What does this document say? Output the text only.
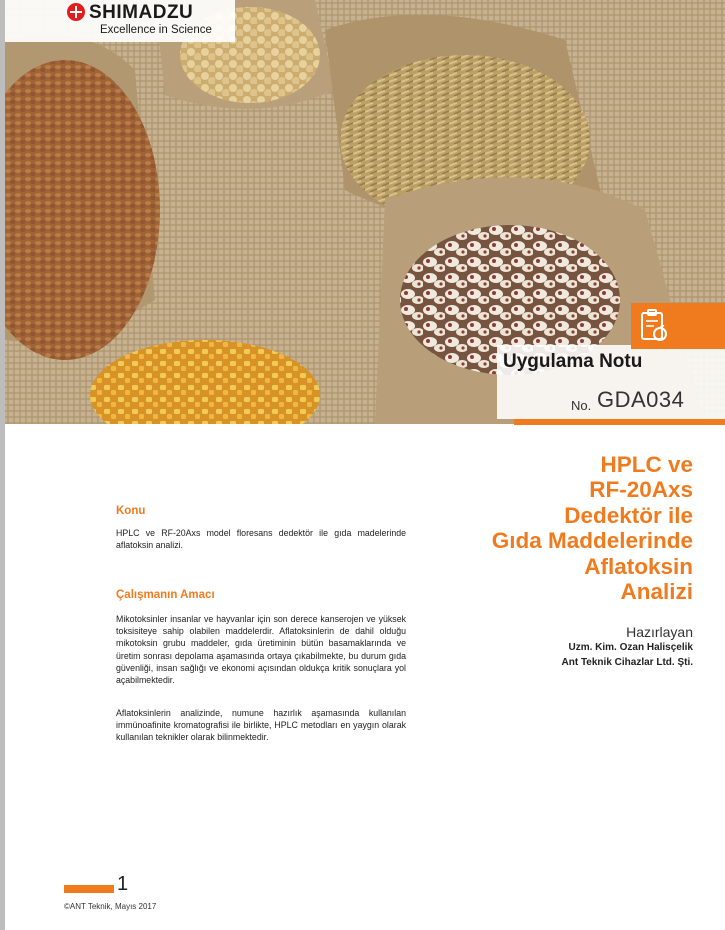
SHIMADZU
Excellence in Science
Uygulama Notu
No. GDA034
HPLC ve
RF-20Axs
Dedektör ile
Gıda Maddelerinde
Aflatoksin
Analizi
Hazırlayan
Uzm. Kim. Ozan Halisçelik
Ant Teknik Cihazlar Ltd. Şti.
Konu

HPLC ve RF-20Axs model floresans dedektör ile gıda madelerinde aflatoksin analizi.

Çalışmanın Amacı

Mikotoksinler insanlar ve hayvanlar için son derece kanserojen ve yüksek toksisiteye sahip olabilen maddelerdir. Aflatoksinlerin de dahil olduğu mikotoksin grubu maddeler, gıda üretiminin bütün basamaklarında ve üretim sonrası depolama aşamasında ortaya çıkabilmekte, bu durum gıda güvenliği, insan sağlığı ve ekonomi açısından oldukça kritik sonuçlara yol açabilmektedir.

Aflatoksinlerin analizinde, numune hazırlık aşamasında kullanılan immünoafinite kromatografisi ile birlikte, HPLC metodları en yaygın olarak kullanılan teknikler olarak bilinmektedir.

1
©ANT Teknik, Mayıs 2017
